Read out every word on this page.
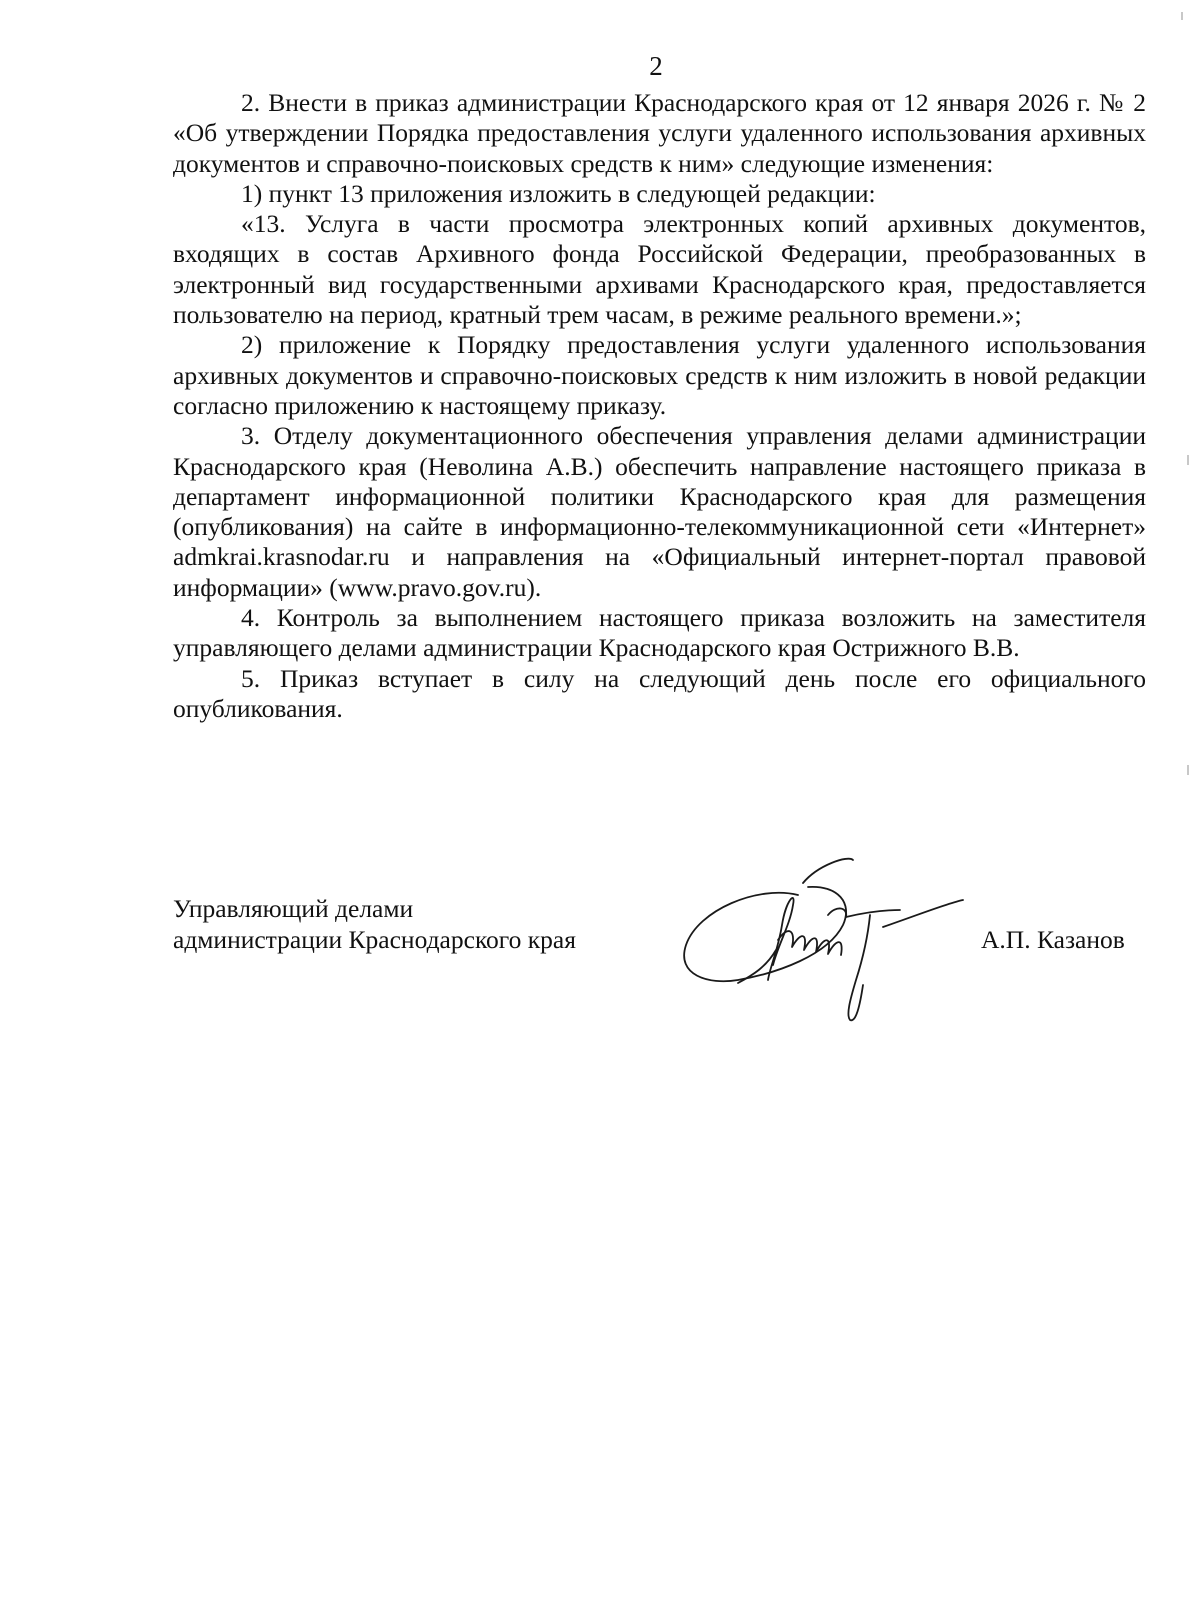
2

2. Внести в приказ администрации Краснодарского края от 12 января 2026 г. № 2 «Об утверждении Порядка предоставления услуги удаленного использования архивных документов и справочно-поисковых средств к ним» следующие изменения:

1) пункт 13 приложения изложить в следующей редакции:

«13. Услуга в части просмотра электронных копий архивных документов, входящих в состав Архивного фонда Российской Федерации, преобразованных в электронный вид государственными архивами Краснодарского края, предоставляется пользователю на период, кратный трем часам, в режиме реального времени.»;

2) приложение к Порядку предоставления услуги удаленного использования архивных документов и справочно-поисковых средств к ним изложить в новой редакции согласно приложению к настоящему приказу.

3. Отделу документационного обеспечения управления делами администрации Краснодарского края (Неволина А.В.) обеспечить направление настоящего приказа в департамент информационной политики Краснодарского края для размещения (опубликования) на сайте в информационно-телекоммуникационной сети «Интернет» admkrai.krasnodar.ru и направления на «Официальный интернет-портал правовой информации» (www.pravo.gov.ru).

4. Контроль за выполнением настоящего приказа возложить на заместителя управляющего делами администрации Краснодарского края Острижного В.В.

5. Приказ вступает в силу на следующий день после его официального опубликования.

Управляющий делами
администрации Краснодарского края	А.П. Казанов
